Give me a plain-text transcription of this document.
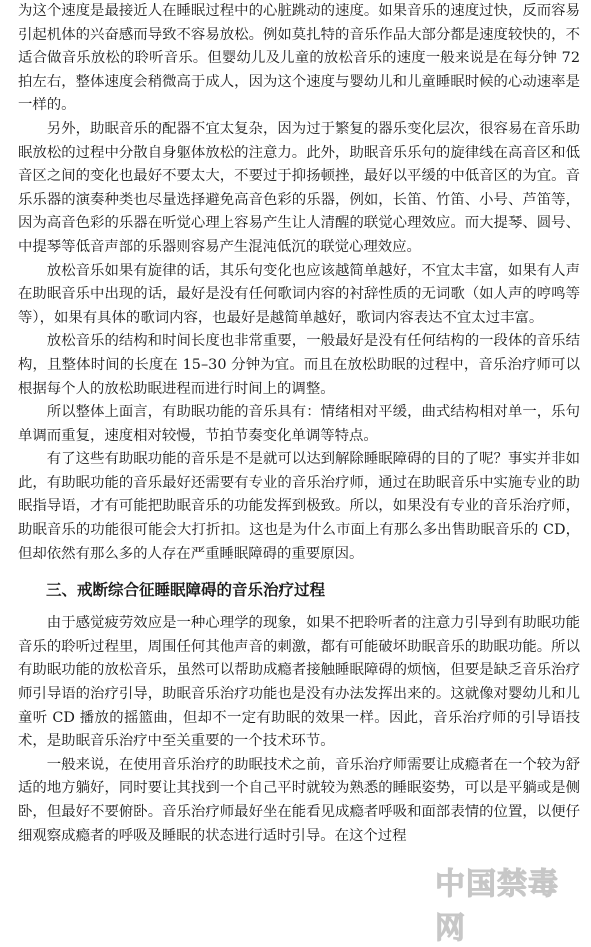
为这个速度是最接近人在睡眠过程中的心脏跳动的速度。如果音乐的速度过快，反而容易引起机体的兴奋感而导致不容易放松。例如莫扎特的音乐作品大部分都是速度较快的，不适合做音乐放松的聆听音乐。但婴幼儿及儿童的放松音乐的速度一般来说是在每分钟 72 拍左右，整体速度会稍微高于成人，因为这个速度与婴幼儿和儿童睡眠时候的心动速率是一样的。

另外，助眠音乐的配器不宜太复杂，因为过于繁复的器乐变化层次，很容易在音乐助眠放松的过程中分散自身躯体放松的注意力。此外，助眠音乐乐句的旋律线在高音区和低音区之间的变化也最好不要太大，不要过于抑扬顿挫，最好以平缓的中低音区的为宜。音乐乐器的演奏种类也尽量选择避免高音色彩的乐器，例如，长笛、竹笛、小号、芦笛等，因为高音色彩的乐器在听觉心理上容易产生让人清醒的联觉心理效应。而大提琴、圆号、中提琴等低音声部的乐器则容易产生混沌低沉的联觉心理效应。

放松音乐如果有旋律的话，其乐句变化也应该越简单越好，不宜太丰富，如果有人声在助眠音乐中出现的话，最好是没有任何歌词内容的衬辞性质的无词歌（如人声的哼鸣等等），如果有具体的歌词内容，也最好是越简单越好，歌词内容表达不宜太过丰富。

放松音乐的结构和时间长度也非常重要，一般最好是没有任何结构的一段体的音乐结构，且整体时间的长度在 15–30 分钟为宜。而且在放松助眠的过程中，音乐治疗师可以根据每个人的放松助眠进程而进行时间上的调整。

所以整体上面言，有助眠功能的音乐具有：情绪相对平缓，曲式结构相对单一，乐句单调而重复，速度相对较慢，节拍节奏变化单调等特点。

有了这些有助眠功能的音乐是不是就可以达到解除睡眠障碍的目的了呢？事实并非如此，有助眠功能的音乐最好还需要有专业的音乐治疗师，通过在助眠音乐中实施专业的助眠指导语，才有可能把助眠音乐的功能发挥到极致。所以，如果没有专业的音乐治疗师，助眠音乐的功能很可能会大打折扣。这也是为什么市面上有那么多出售助眠音乐的 CD，但却依然有那么多的人存在严重睡眠障碍的重要原因。

三、戒断综合征睡眠障碍的音乐治疗过程

由于感觉疲劳效应是一种心理学的现象，如果不把聆听者的注意力引导到有助眠功能音乐的聆听过程里，周围任何其他声音的刺激，都有可能破坏助眠音乐的助眠功能。所以有助眠功能的放松音乐，虽然可以帮助成瘾者接触睡眠障碍的烦恼，但要是缺乏音乐治疗师引导语的治疗引导，助眠音乐治疗功能也是没有办法发挥出来的。这就像对婴幼儿和儿童听 CD 播放的摇篮曲，但却不一定有助眠的效果一样。因此，音乐治疗师的引导语技术，是助眠音乐治疗中至关重要的一个技术环节。

一般来说，在使用音乐治疗的助眠技术之前，音乐治疗师需要让成瘾者在一个较为舒适的地方躺好，同时要让其找到一个自己平时就较为熟悉的睡眠姿势，可以是平躺或是侧卧，但最好不要俯卧。音乐治疗师最好坐在能看见成瘾者呼吸和面部表情的位置，以便仔细观察成瘾者的呼吸及睡眠的状态进行适时引导。在这个过程

中国禁毒网
